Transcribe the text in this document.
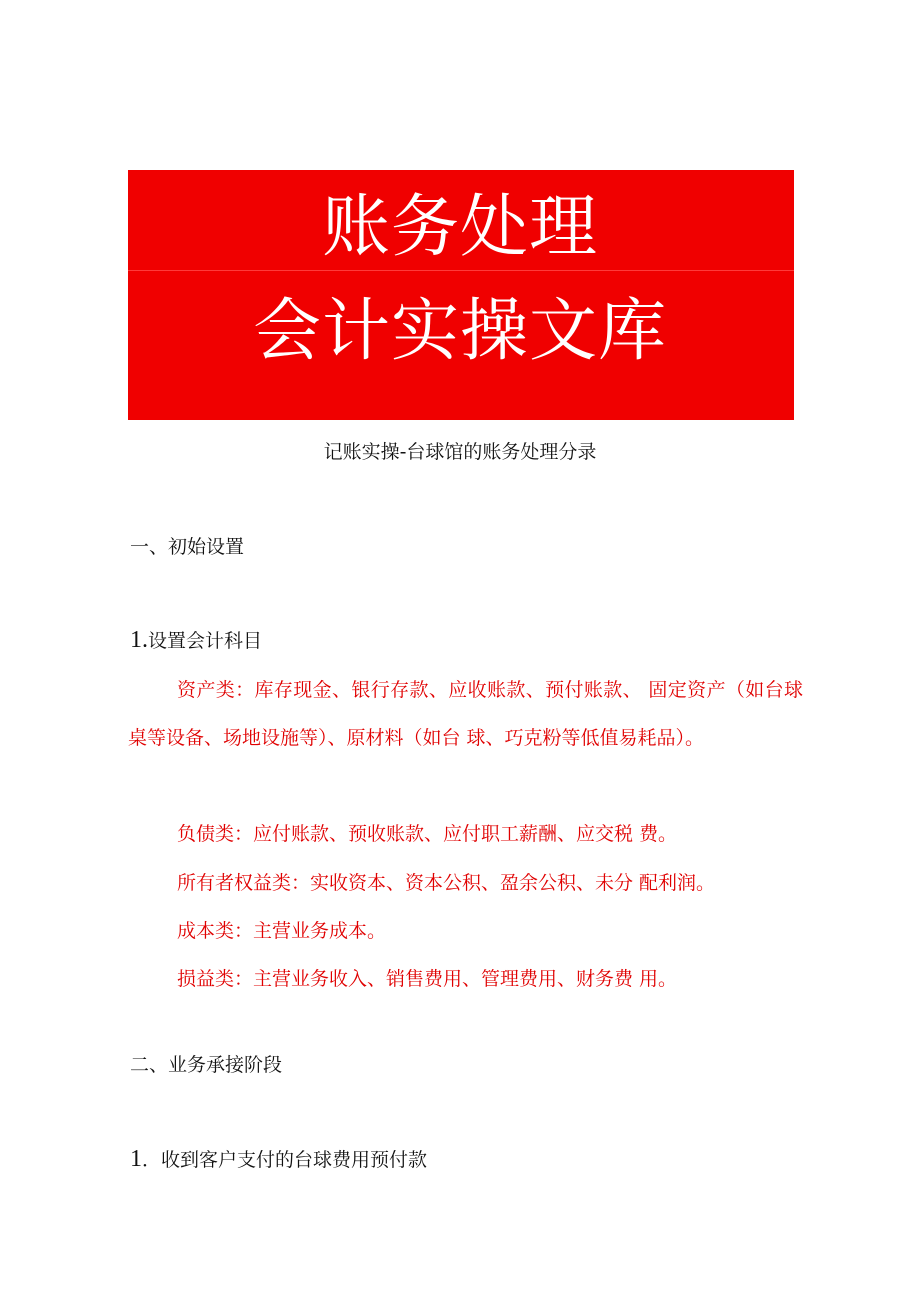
账务处理
会计实操文库
记账实操-台球馆的账务处理分录
一、初始设置
1.设置会计科目

资产类：库存现金、银行存款、应收账款、预付账款、 固定资产（如台球桌等设备、场地设施等）、原材料（如台 球、巧克粉等低值易耗品）。

负债类：应付账款、预收账款、应付职工薪酬、应交税 费。

所有者权益类：实收资本、资本公积、盈余公积、未分 配利润。

成本类：主营业务成本。

损益类：主营业务收入、销售费用、管理费用、财务费 用。

二、业务承接阶段
1．收到客户支付的台球费用预付款
